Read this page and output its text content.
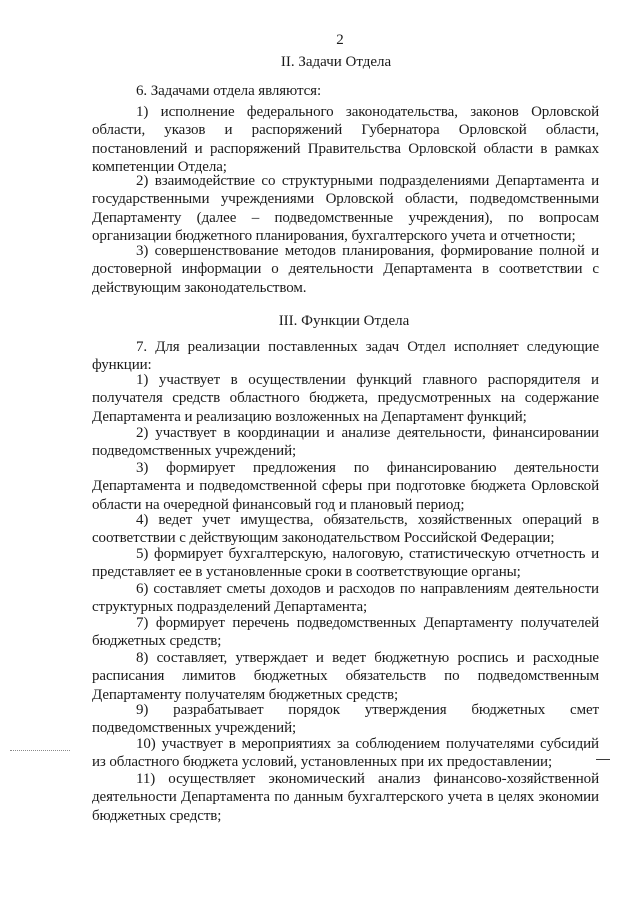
2
II. Задачи Отдела

6. Задачами отдела являются:

1) исполнение федерального законодательства, законов Орловской области, указов и распоряжений Губернатора Орловской области, постановлений и распоряжений Правительства Орловской области в рамках компетенции Отдела;

2) взаимодействие со структурными подразделениями Департамента и государственными учреждениями Орловской области, подведомственными Департаменту (далее – подведомственные учреждения), по вопросам организации бюджетного планирования, бухгалтерского учета и отчетности;

3) совершенствование методов планирования, формирование полной и достоверной информации о деятельности Департамента в соответствии с действующим законодательством.

III. Функции Отдела

7. Для реализации поставленных задач Отдел исполняет следующие функции:

1) участвует в осуществлении функций главного распорядителя и получателя средств областного бюджета, предусмотренных на содержание Департамента и реализацию возложенных на Департамент функций;

2) участвует в координации и анализе деятельности, финансировании подведомственных учреждений;

3) формирует предложения по финансированию деятельности Департамента и подведомственной сферы при подготовке бюджета Орловской области на очередной финансовый год и плановый период;

4) ведет учет имущества, обязательств, хозяйственных операций в соответствии с действующим законодательством Российской Федерации;

5) формирует бухгалтерскую, налоговую, статистическую отчетность и представляет ее в установленные сроки в соответствующие органы;

6) составляет сметы доходов и расходов по направлениям деятельности структурных подразделений Департамента;

7) формирует перечень подведомственных Департаменту получателей бюджетных средств;

8) составляет, утверждает и ведет бюджетную роспись и расходные расписания лимитов бюджетных обязательств по подведомственным Департаменту получателям бюджетных средств;

9) разрабатывает порядок утверждения бюджетных смет подведомственных учреждений;

10) участвует в мероприятиях за соблюдением получателями субсидий из областного бюджета условий, установленных при их предоставлении;

11) осуществляет экономический анализ финансово-хозяйственной деятельности Департамента по данным бухгалтерского учета в целях экономии бюджетных средств;
